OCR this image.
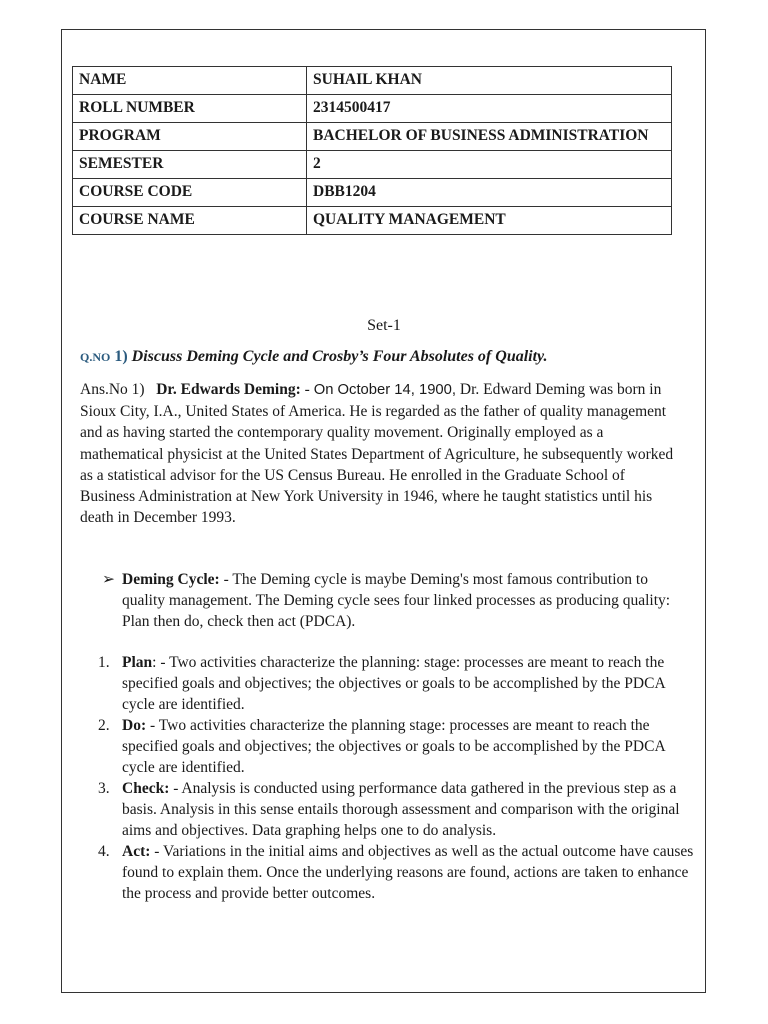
NAME	SUHAIL KHAN
ROLL NUMBER	2314500417
PROGRAM	BACHELOR OF BUSINESS ADMINISTRATION
SEMESTER	2
COURSE CODE	DBB1204
COURSE NAME	QUALITY MANAGEMENT
Set-1
Q.NO 1) Discuss Deming Cycle and Crosby’s Four Absolutes of Quality.
Ans.No 1) Dr. Edwards Deming: - On October 14, 1900, Dr. Edward Deming was born in Sioux City, I.A., United States of America. He is regarded as the father of quality management and as having started the contemporary quality movement. Originally employed as a mathematical physicist at the United States Department of Agriculture, he subsequently worked as a statistical advisor for the US Census Bureau. He enrolled in the Graduate School of Business Administration at New York University in 1946, where he taught statistics until his death in December 1993.
➢ Deming Cycle: - The Deming cycle is maybe Deming's most famous contribution to quality management. The Deming cycle sees four linked processes as producing quality: Plan then do, check then act (PDCA).
1. Plan: - Two activities characterize the planning: stage: processes are meant to reach the specified goals and objectives; the objectives or goals to be accomplished by the PDCA cycle are identified.
2. Do: - Two activities characterize the planning stage: processes are meant to reach the specified goals and objectives; the objectives or goals to be accomplished by the PDCA cycle are identified.
3. Check: - Analysis is conducted using performance data gathered in the previous step as a basis. Analysis in this sense entails thorough assessment and comparison with the original aims and objectives. Data graphing helps one to do analysis.
4. Act: - Variations in the initial aims and objectives as well as the actual outcome have causes found to explain them. Once the underlying reasons are found, actions are taken to enhance the process and provide better outcomes.
